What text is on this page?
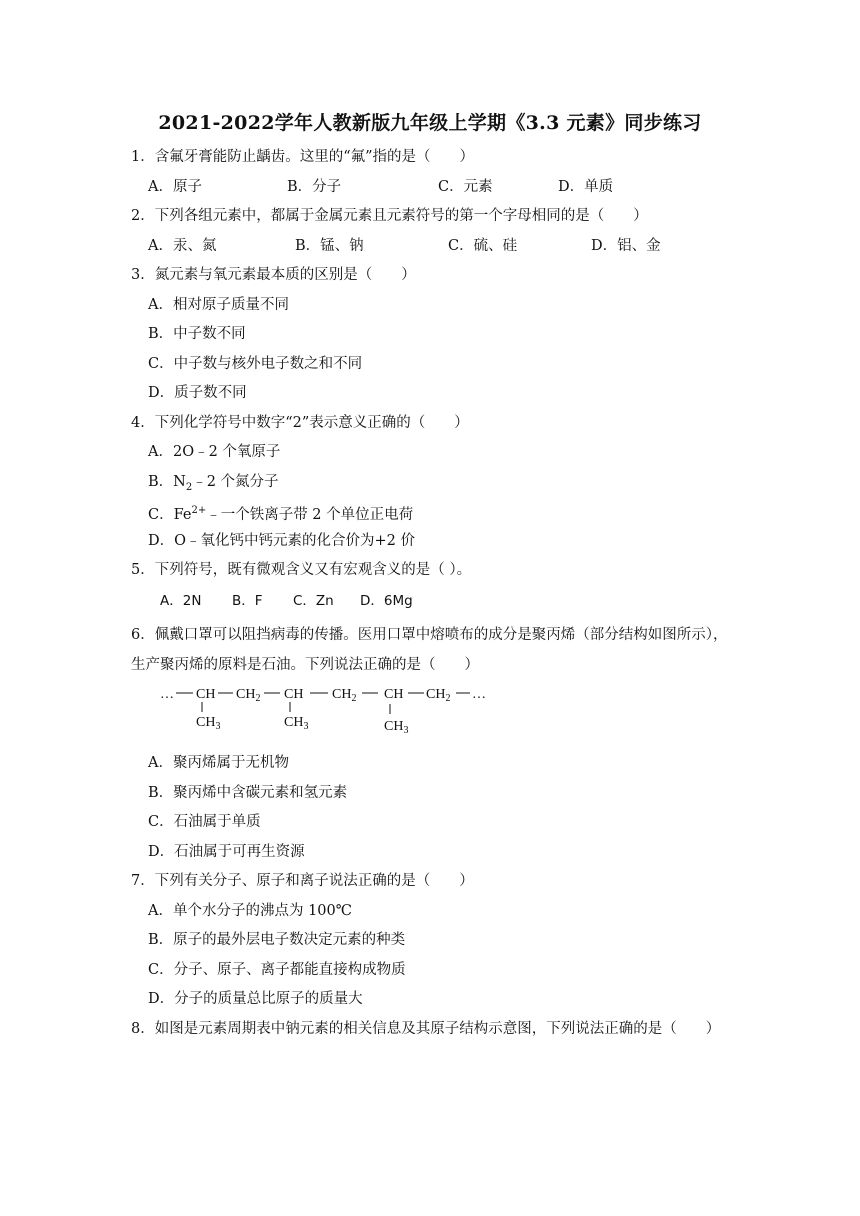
2021-2022学年人教新版九年级上学期《3.3 元素》同步练习
1．含氟牙膏能防止龋齿。这里的“氟”指的是（　　）
A．原子	B．分子	C．元素	D．单质
2．下列各组元素中，都属于金属元素且元素符号的第一个字母相同的是（　　）
A．汞、氮	B．锰、钠	C．硫、硅	D．铝、金
3．氮元素与氧元素最本质的区别是（　　）
A．相对原子质量不同
B．中子数不同
C．中子数与核外电子数之和不同
D．质子数不同
4．下列化学符号中数字“2”表示意义正确的（　　）
A．2O﹣2 个氧原子
B．$N_2﹣2$ 个氮分子
C．$Fe^{2+}﹣$一个铁离子带 2 个单位正电荷
D．O﹣氧化钙中钙元素的化合价为+2 价
5．下列符号，既有微观含义又有宏观含义的是（ ）。
A．2N B．F C．Zn D．6Mg
6．佩戴口罩可以阻挡病毒的传播。医用口罩中熔喷布的成分是聚丙烯（部分结构如图所示），生产聚丙烯的原料是石油。下列说法正确的是（　　）
… CH $CH_2$ CH $CH_2$ CH $CH_2$ …
$CH_3$	$CH_3$	$CH_3$
A．聚丙烯属于无机物
B．聚丙烯中含碳元素和氢元素
C．石油属于单质
D．石油属于可再生资源
7．下列有关分子、原子和离子说法正确的是（　　）
A．单个水分子的沸点为 100℃
B．原子的最外层电子数决定元素的种类
C．分子、原子、离子都能直接构成物质
D．分子的质量总比原子的质量大
8．如图是元素周期表中钠元素的相关信息及其原子结构示意图，下列说法正确的是（　　）
